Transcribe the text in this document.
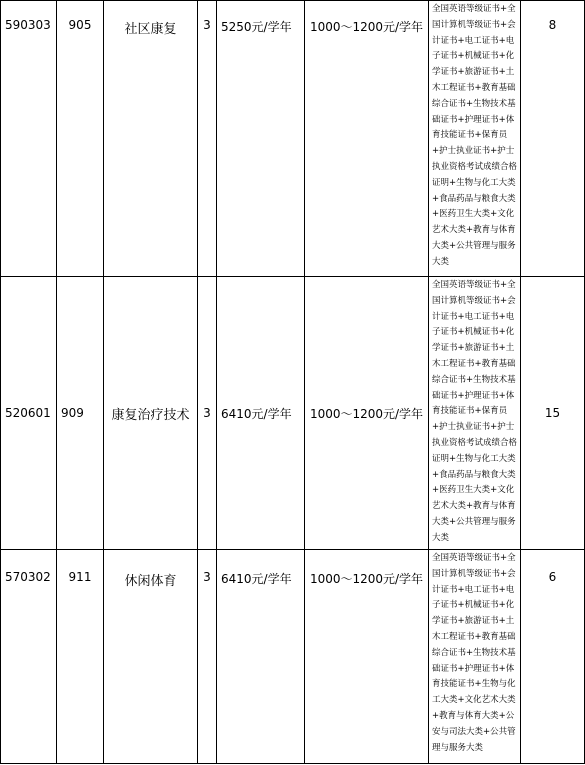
590303	905	社区康复	3	5250元/学年	1000～1200元/学年	全国英语等级证书+全国计算机等级证书+会计证书+电工证书+电子证书+机械证书+化学证书+旅游证书+土木工程证书+教育基础综合证书+生物技术基础证书+护理证书+体育技能证书+保育员+护士执业证书+护士执业资格考试成绩合格证明+生物与化工大类+食品药品与粮食大类+医药卫生大类+文化艺术大类+教育与体育大类+公共管理与服务大类	8
520601	909	康复治疗技术	3	6410元/学年	1000～1200元/学年	全国英语等级证书+全国计算机等级证书+会计证书+电工证书+电子证书+机械证书+化学证书+旅游证书+土木工程证书+教育基础综合证书+生物技术基础证书+护理证书+体育技能证书+保育员+护士执业证书+护士执业资格考试成绩合格证明+生物与化工大类+食品药品与粮食大类+医药卫生大类+文化艺术大类+教育与体育大类+公共管理与服务大类	15
570302	911	休闲体育	3	6410元/学年	1000～1200元/学年	全国英语等级证书+全国计算机等级证书+会计证书+电工证书+电子证书+机械证书+化学证书+旅游证书+土木工程证书+教育基础综合证书+生物技术基础证书+护理证书+体育技能证书+生物与化工大类+文化艺术大类+教育与体育大类+公安与司法大类+公共管理与服务大类	6
